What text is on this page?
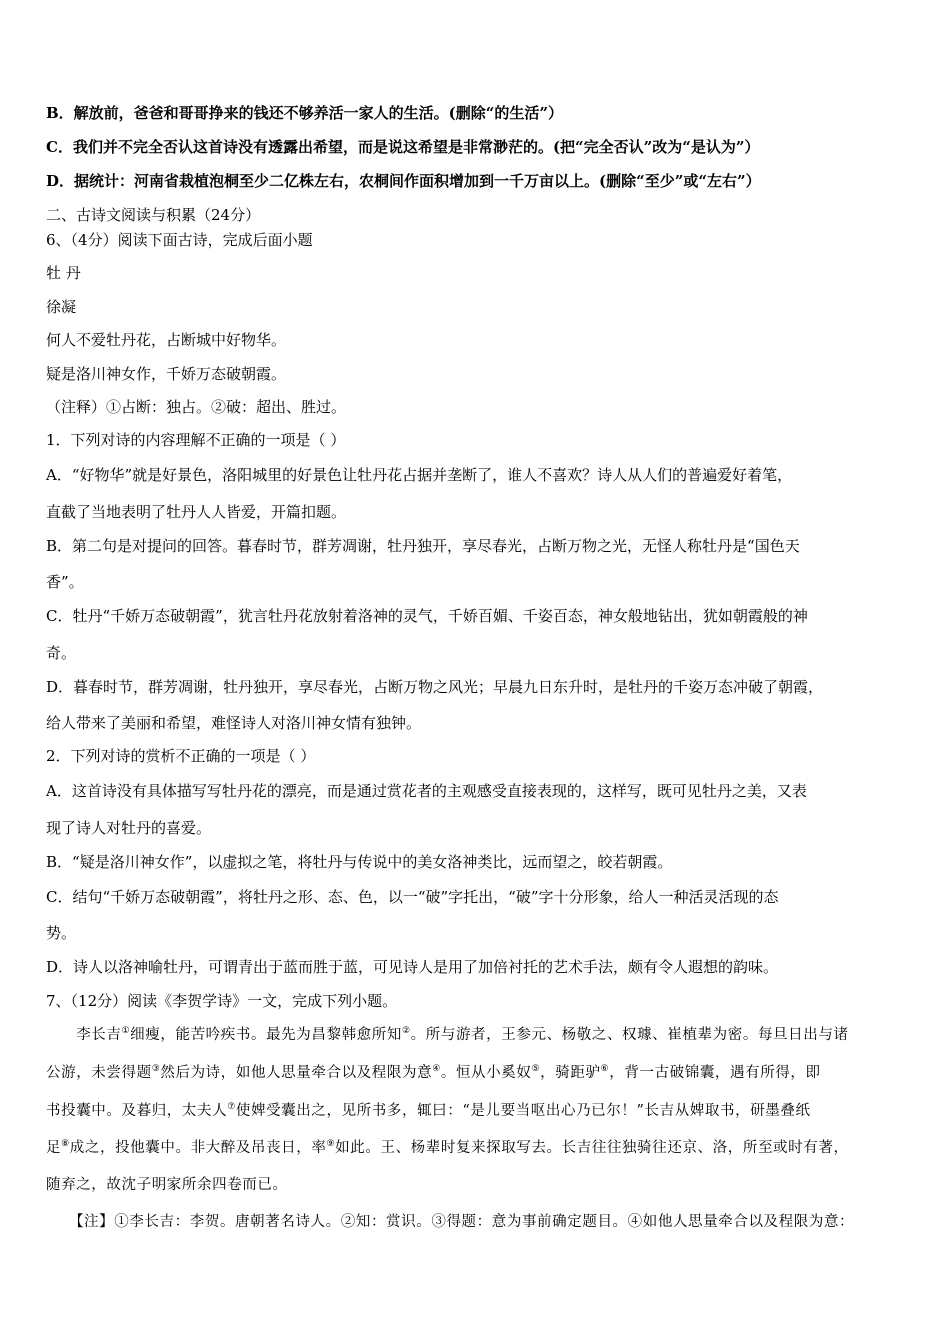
B．解放前，爸爸和哥哥挣来的钱还不够养活一家人的生活。(删除“的生活”）
C．我们并不完全否认这首诗没有透露出希望，而是说这希望是非常渺茫的。(把“完全否认”改为“是认为”）
D．据统计：河南省栽植泡桐至少二亿株左右，农桐间作面积增加到一千万亩以上。(删除“至少”或“左右”）
二、古诗文阅读与积累（24分）
6、（4分）阅读下面古诗，完成后面小题
牡 丹
徐凝
何人不爱牡丹花，占断城中好物华。
疑是洛川神女作，千娇万态破朝霞。
（注释）①占断：独占。②破：超出、胜过。
1．下列对诗的内容理解不正确的一项是（ ）
A．“好物华”就是好景色，洛阳城里的好景色让牡丹花占据并垄断了，谁人不喜欢？诗人从人们的普遍爱好着笔，
直截了当地表明了牡丹人人皆爱，开篇扣题。
B．第二句是对提问的回答。暮春时节，群芳凋谢，牡丹独开，享尽春光，占断万物之光，无怪人称牡丹是“国色天
香”。
C．牡丹“千娇万态破朝霞”，犹言牡丹花放射着洛神的灵气，千娇百媚、千姿百态，神女般地钻出，犹如朝霞般的神
奇。
D．暮春时节，群芳凋谢，牡丹独开，享尽春光，占断万物之风光；早晨九日东升时，是牡丹的千姿万态冲破了朝霞，
给人带来了美丽和希望，难怪诗人对洛川神女情有独钟。
2．下列对诗的赏析不正确的一项是（ ）
A．这首诗没有具体描写写牡丹花的漂亮，而是通过赏花者的主观感受直接表现的，这样写，既可见牡丹之美，又表
现了诗人对牡丹的喜爱。
B．“疑是洛川神女作”，以虚拟之笔，将牡丹与传说中的美女洛神类比，远而望之，皎若朝霞。
C．结句“千娇万态破朝霞”，将牡丹之形、态、色，以一“破”字托出，“破”字十分形象，给人一种活灵活现的态
势。
D．诗人以洛神喻牡丹，可谓青出于蓝而胜于蓝，可见诗人是用了加倍衬托的艺术手法，颇有令人遐想的韵味。
7、（12分）阅读《李贺学诗》一文，完成下列小题。
　　李长吉①细瘦，能苦吟疾书。最先为昌黎韩愈所知②。所与游者，王参元、杨敬之、权璩、崔植辈为密。每旦日出与诸
公游，未尝得题③然后为诗，如他人思量牵合以及程限为意④。恒从小奚奴⑤，骑距驴⑥，背一古破锦囊，遇有所得，即
书投囊中。及暮归，太夫人⑦使婢受囊出之，见所书多，辄曰：“是儿要当呕出心乃已尔！”长吉从婢取书，研墨叠纸
足⑧成之，投他囊中。非大醉及吊丧日，率⑨如此。王、杨辈时复来探取写去。长吉往往独骑往还京、洛，所至或时有著，
随弃之，故沈子明家所余四卷而已。
　　【注】①李长吉：李贺。唐朝著名诗人。②知：赏识。③得题：意为事前确定题目。④如他人思量牵合以及程限为意：
